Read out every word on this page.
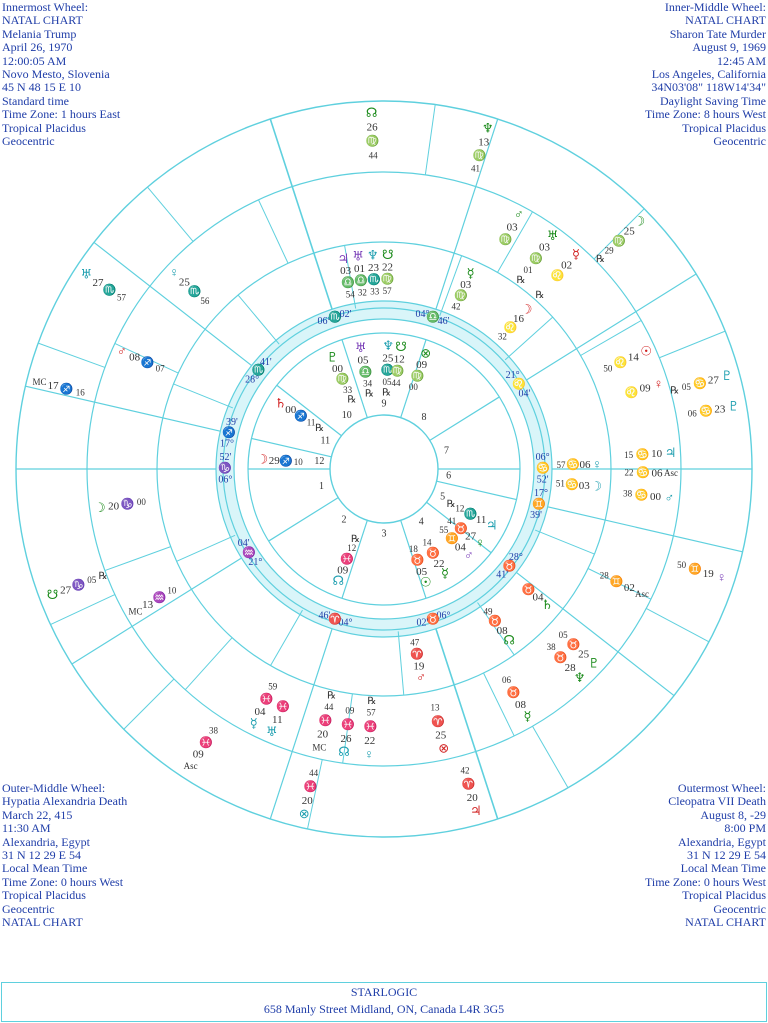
Innermost Wheel:
NATAL CHART
Melania Trump
April 26, 1970
12:00:05 AM
Novo Mesto, Slovenia
45 N 48 15 E 10
Standard time
Time Zone: 1 hours East
Tropical Placidus
Geocentric
Inner-Middle Wheel:
NATAL CHART
Sharon Tate Murder
August 9, 1969
12:45 AM
Los Angeles, California
34N03'08" 118W14'34"
Daylight Saving Time
Time Zone: 8 hours West
Tropical Placidus
Geocentric
Outer-Middle Wheel:
Hypatia Alexandria Death
March 22, 415
11:30 AM
Alexandria, Egypt
31 N 12 29 E 54
Local Mean Time
Time Zone: 0 hours West
Tropical Placidus
Geocentric
NATAL CHART
Outermost Wheel:
Cleopatra VII Death
August 8, -29
8:00 PM
Alexandria, Egypt
31 N 12 29 E 54
Local Mean Time
Time Zone: 0 hours West
Tropical Placidus
Geocentric
NATAL CHART
1
2
3
4
5
6
7
8
9
10
11
12
06°
♑
52'
21°
♒
04'
04°
♈
46'	06°
♉
02'
28°
♉
41'
17°
♊
39'
06°
♋
52'
21°
♌
04'
04°
♎
46'
06°
♏
02'
28°
♏
41'
17°
♐
39'
♅
05
♎
34
℞
♆
25
♏
05
℞
♇
00
♍
33
℞
♄
00
♐
11
℞
☽ 29 ♐ 10
☊
09
♓
12
℞
♂
04
♊
55
♀
27
♉
41
☿
22
♉
14
☉
05
♉
18
♃
11
♏
12
℞
⊗
09
♍
00
☋
12
♍
44
♃
03
♎
54
♅
01
♎
32
♆
23
♏
33
☋
22
♍
57
☿
03
♍
42	☽
16
♌
32
♀
06
♋
57
☽
03
♋
51
♄
04
♉
☊
08
♉
49
♂
19
♈
47
♂
03
♍	♅
03
♍
01
℞
☿
02
♌
℞
☉
14
♌
50
♀
09
♌
♃
10
♋
15
Asc
06
♋
22
♂
00
♋
38
Asc
02
♊
28
♆
28
♉
38
♇
25
♉
05
☿
08
♉
06
⊗
25
♈
13
MC
20
♓
44
℞
☊
26
♓
09
♀
22
♓
57
℞
♅
11
♓
☿
04
♓
59
MC
13
♒
10
☽ 20 ♑ 00
♀
25
♏
56
♂ 08 ♐ 07
♆
13
♍
41
☊
26
♍
44
☽
25
♍
29
℞
♇
27
♋
05
℞
♇
23
♋
06
♀
19
♊
50
♃
20
♈
42
⊗
20
♓
44
Asc
09
♓
38
☋ 27 ♑ 05 ℞
MC 17 ♐ 16
♅
27
♏
57
STARLOGIC
658 Manly Street Midland, ON, Canada L4R 3G5
